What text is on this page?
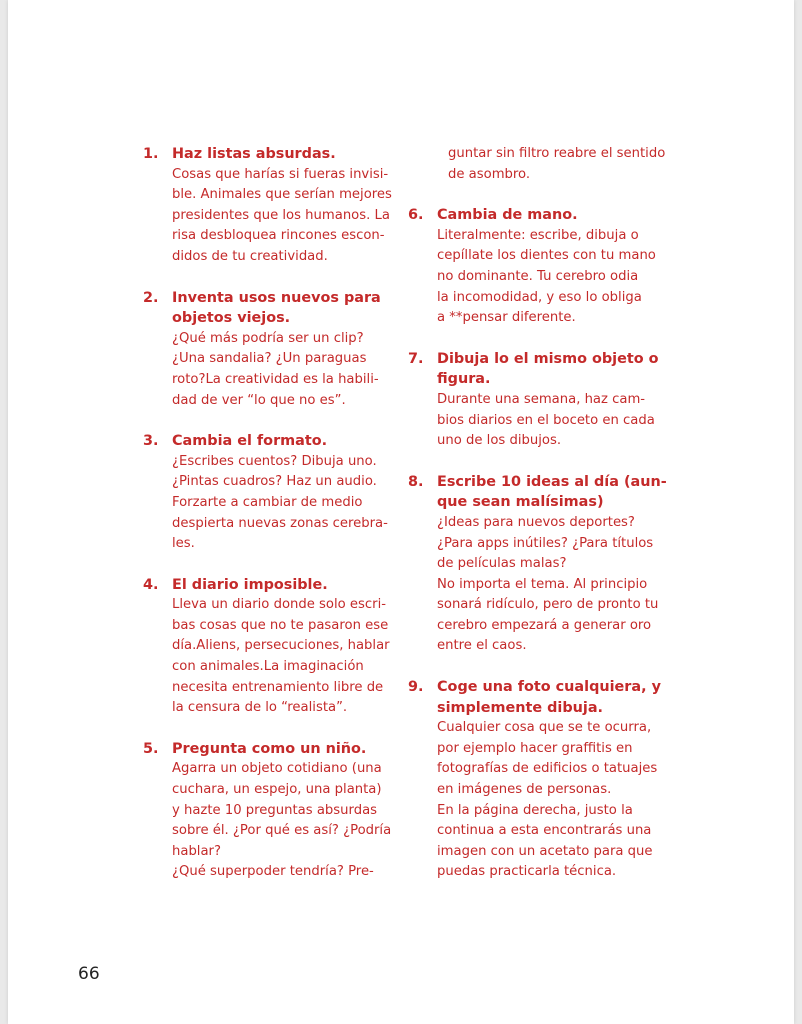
1. Haz listas absurdas.
Cosas que harías si fueras invisi-
ble. Animales que serían mejores
presidentes que los humanos. La
risa desbloquea rincones escon-
didos de tu creatividad.
2. Inventa usos nuevos para
objetos viejos.
¿Qué más podría ser un clip?
¿Una sandalia? ¿Un paraguas
roto?La creatividad es la habili-
dad de ver “lo que no es”.
3. Cambia el formato.
¿Escribes cuentos? Dibuja uno.
¿Pintas cuadros? Haz un audio.
Forzarte a cambiar de medio
despierta nuevas zonas cerebra-
les.
4. El diario imposible.
Lleva un diario donde solo escri-
bas cosas que no te pasaron ese
día.Aliens, persecuciones, hablar
con animales.La imaginación
necesita entrenamiento libre de
la censura de lo “realista”.
5. Pregunta como un niño.
Agarra un objeto cotidiano (una
cuchara, un espejo, una planta)
y hazte 10 preguntas absurdas
sobre él. ¿Por qué es así? ¿Podría
hablar?
¿Qué superpoder tendría? Pre-
guntar sin filtro reabre el sentido
de asombro.
6. Cambia de mano.
Literalmente: escribe, dibuja o
cepíllate los dientes con tu mano
no dominante. Tu cerebro odia
la incomodidad, y eso lo obliga
a **pensar diferente.
7. Dibuja lo el mismo objeto o
figura.
Durante una semana, haz cam-
bios diarios en el boceto en cada
uno de los dibujos.
8. Escribe 10 ideas al día (aun-
que sean malísimas)
¿Ideas para nuevos deportes?
¿Para apps inútiles? ¿Para títulos
de películas malas?
No importa el tema. Al principio
sonará ridículo, pero de pronto tu
cerebro empezará a generar oro
entre el caos.
9. Coge una foto cualquiera, y
simplemente dibuja.
Cualquier cosa que se te ocurra,
por ejemplo hacer graffitis en
fotografías de edificios o tatuajes
en imágenes de personas.
En la página derecha, justo la
continua a esta encontrarás una
imagen con un acetato para que
puedas practicarla técnica.
66
